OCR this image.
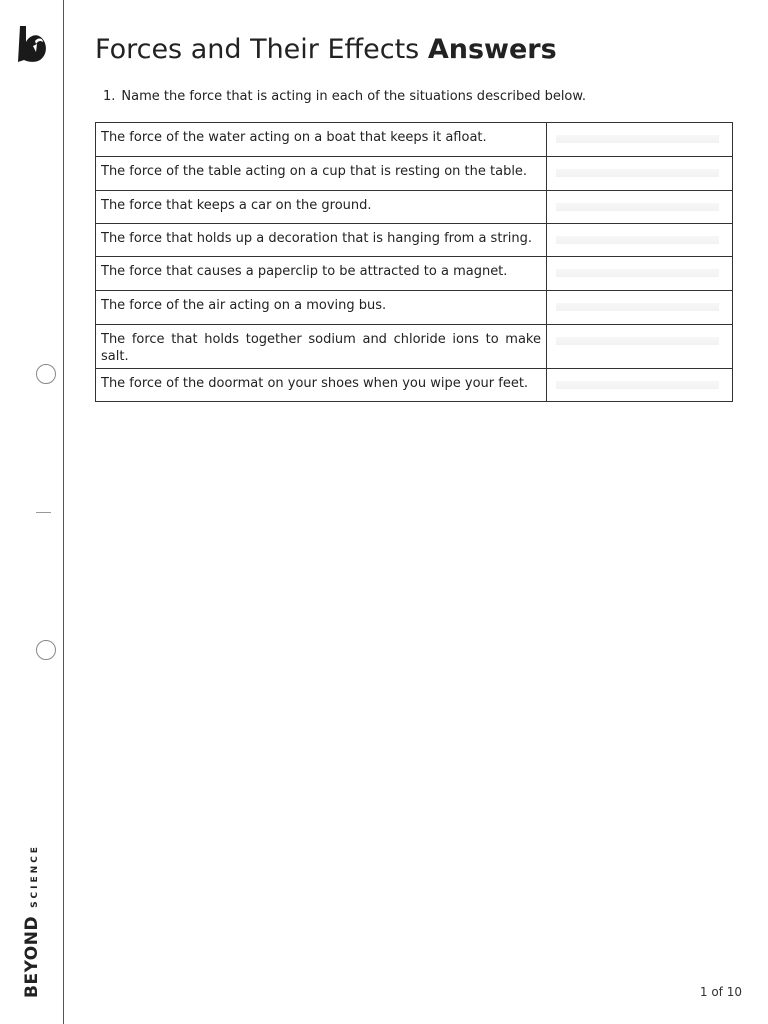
BEYOND
SCIENCE
Forces and Their Effects Answers
1. Name the force that is acting in each of the situations described below.
The force of the water acting on a boat that keeps it afloat.	

The force of the table acting on a cup that is resting on the table.	

The force that keeps a car on the ground.	

The force that holds up a decoration that is hanging from a string.	

The force that causes a paperclip to be attracted to a magnet.	

The force of the air acting on a moving bus.	

The force that holds together sodium and chloride ions to make salt.	

The force of the doormat on your shoes when you wipe your feet.	
1 of 10
